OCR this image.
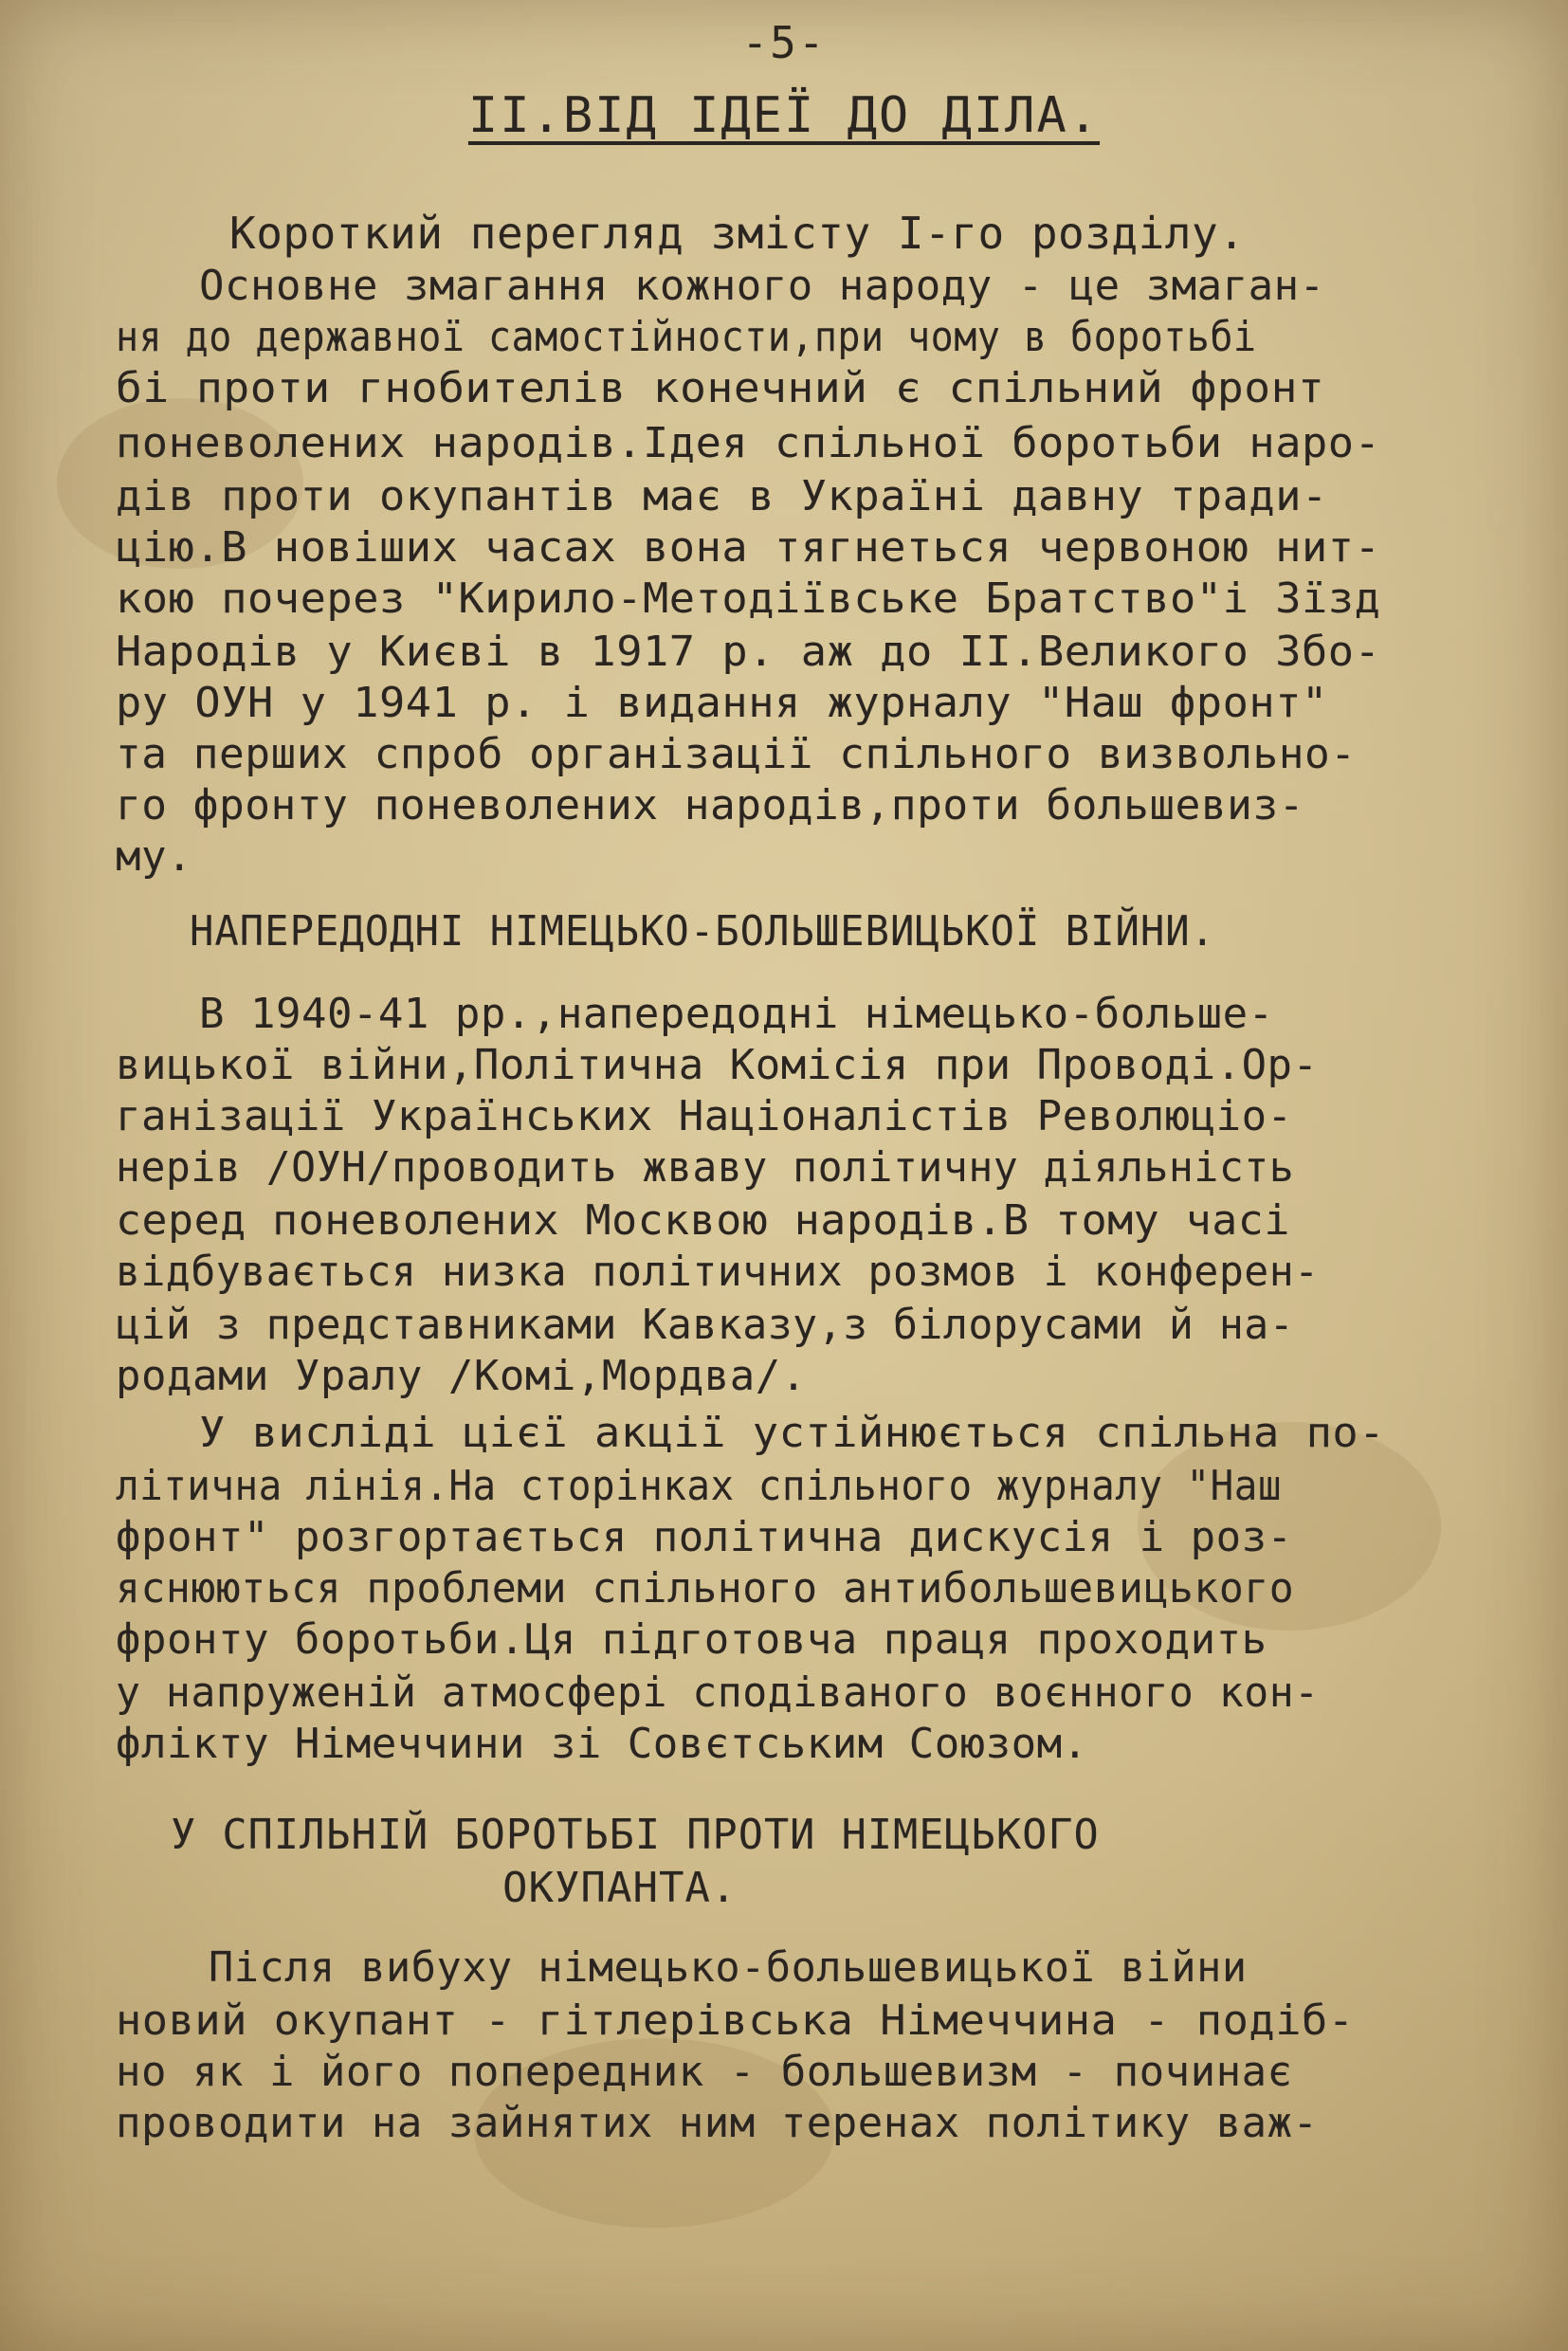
-5-
II.ВІД ІДЕЇ ДО ДІЛА.
Короткий перегляд змісту І-го розділу.
Основне змагання кожного народу - це змаган-
ня до державної самостійности,при чому в боротьбі
бі проти гнобителів конечний є спільний фронт
поневолених народів.Ідея спільної боротьби наро-
дів проти окупантів має в Україні давну тради-
цію.В новіших часах вона тягнеться червоною нит-
кою почерез "Кирило-Методіївське Братство"і Зїзд
Народів у Києві в 1917 р. аж до II.Великого Збо-
ру ОУН у 1941 р. і видання журналу "Наш фронт"
та перших спроб організації спільного визвольно-
го фронту поневолених народів,проти большевиз-
му.
НАПЕРЕДОДНІ НІМЕЦЬКО-БОЛЬШЕВИЦЬКОЇ ВІЙНИ.
В 1940-41 рр.,напередодні німецько-больше-
вицької війни,Політична Комісія при Проводі.Ор-
ганізації Українських Націоналістів Революціо-
нерів /ОУН/проводить жваву політичну діяльність
серед поневолених Москвою народів.В тому часі
відбувається низка політичних розмов і конферен-
цій з представниками Кавказу,з білорусами й на-
родами Уралу /Комі,Мордва/.
У висліді цієї акції устійнюється спільна по-
літична лінія.На сторінках спільного журналу "Наш
фронт" розгортається політична дискусія і роз-
яснюються проблеми спільного антибольшевицького
фронту боротьби.Ця підготовча праця проходить
у напруженій атмосфері сподіваного воєнного кон-
флікту Німеччини зі Совєтським Союзом.
У СПІЛЬНІЙ БОРОТЬБІ ПРОТИ НІМЕЦЬКОГО
ОКУПАНТА.
Після вибуху німецько-большевицької війни
новий окупант - гітлерівська Німеччина - подіб-
но як і його попередник - большевизм - починає
проводити на зайнятих ним теренах політику важ-
